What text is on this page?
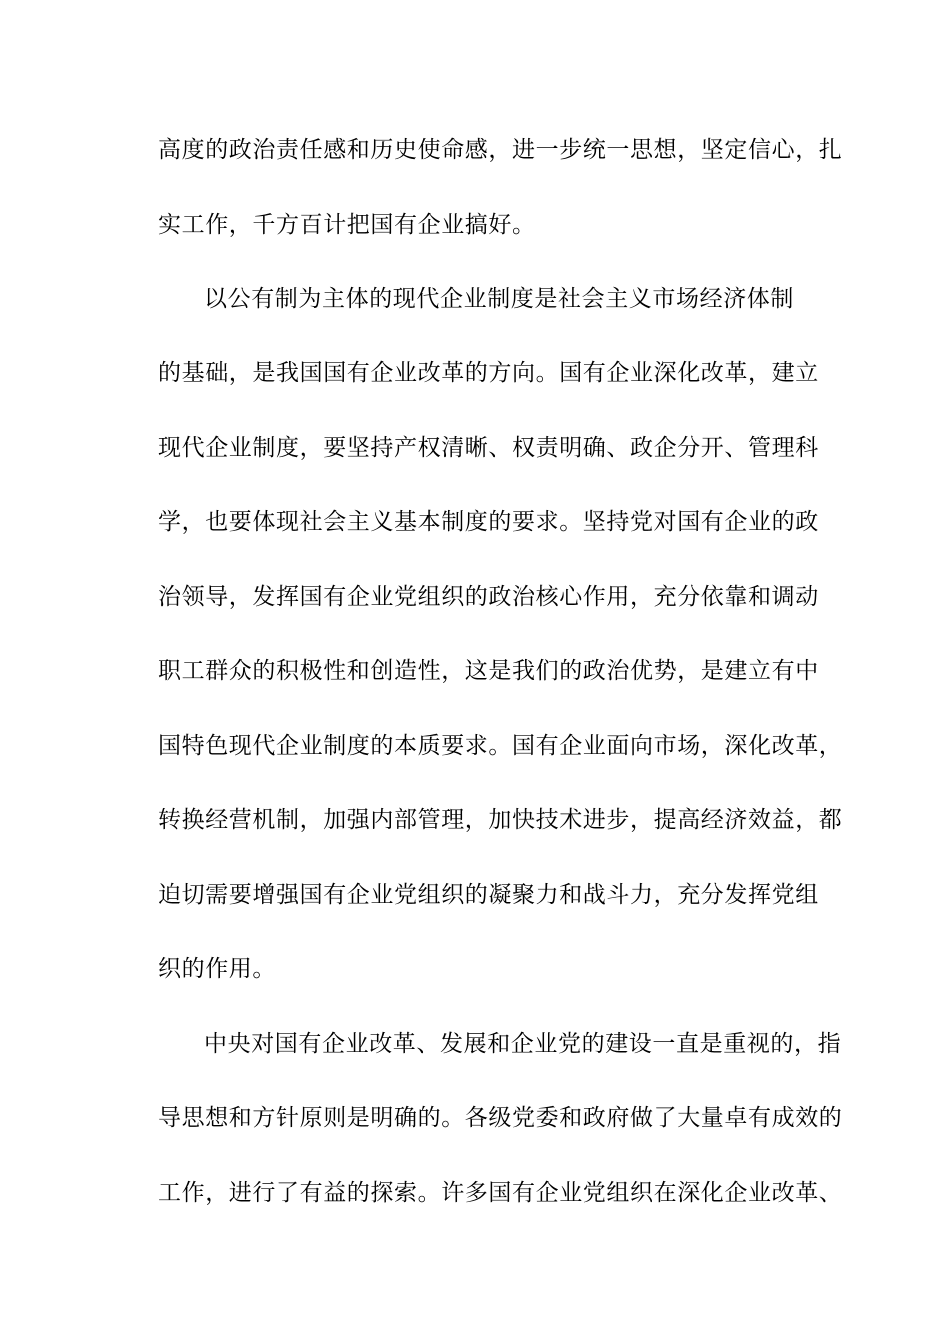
高度的政治责任感和历史使命感，进一步统一思想，坚定信心，扎
实工作，千方百计把国有企业搞好。
以公有制为主体的现代企业制度是社会主义市场经济体制
的基础，是我国国有企业改革的方向。国有企业深化改革，建立
现代企业制度，要坚持产权清晰、权责明确、政企分开、管理科
学，也要体现社会主义基本制度的要求。坚持党对国有企业的政
治领导，发挥国有企业党组织的政治核心作用，充分依靠和调动
职工群众的积极性和创造性，这是我们的政治优势，是建立有中
国特色现代企业制度的本质要求。国有企业面向市场，深化改革，
转换经营机制，加强内部管理，加快技术进步，提高经济效益，都
迫切需要增强国有企业党组织的凝聚力和战斗力，充分发挥党组
织的作用。
中央对国有企业改革、发展和企业党的建设一直是重视的，指
导思想和方针原则是明确的。各级党委和政府做了大量卓有成效的
工作，进行了有益的探索。许多国有企业党组织在深化企业改革、
